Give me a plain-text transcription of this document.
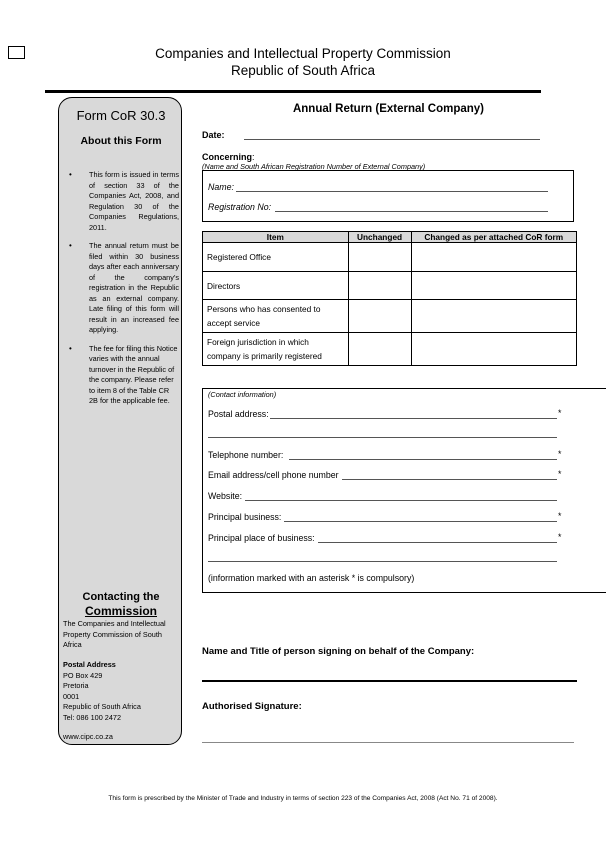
Companies and Intellectual Property Commission
Republic of South Africa
Form CoR 30.3
About this Form
• This form is issued in terms of section 33 of the Companies Act, 2008, and Regulation 30 of the Companies Regulations, 2011.
• The annual return must be filed within 30 business days after each anniversary of the company’s registration in the Republic as an external company. Late filing of this form will result in an increased fee applying.
• The fee for filing this Notice varies with the annual turnover in the Republic of the company. Please refer to item 8 of the Table CR 2B for the applicable fee.
Contacting the
Commission
The Companies and Intellectual
Property Commission of South
Africa
Postal Address
PO Box 429
Pretoria
0001
Republic of South Africa
Tel: 086 100 2472
www.cipc.co.za
Annual Return (External Company)
Date:
Concerning:
(Name and South African Registration Number of External Company)
Name:
Registration No:
Item	Unchanged	Changed as per attached CoR form
Registered Office		
Directors		
Persons who has consented to accept service		
Foreign jurisdiction in which company is primarily registered		
(Contact information)
Postal address:	*
Telephone number:	*
Email address/cell phone number	*
Website:
Principal business:	*
Principal place of business:	*
(information marked with an asterisk * is compulsory)
Name and Title of person signing on behalf of the Company:
Authorised Signature:
This form is prescribed by the Minister of Trade and Industry in terms of section 223 of the Companies Act, 2008 (Act No. 71 of 2008).
